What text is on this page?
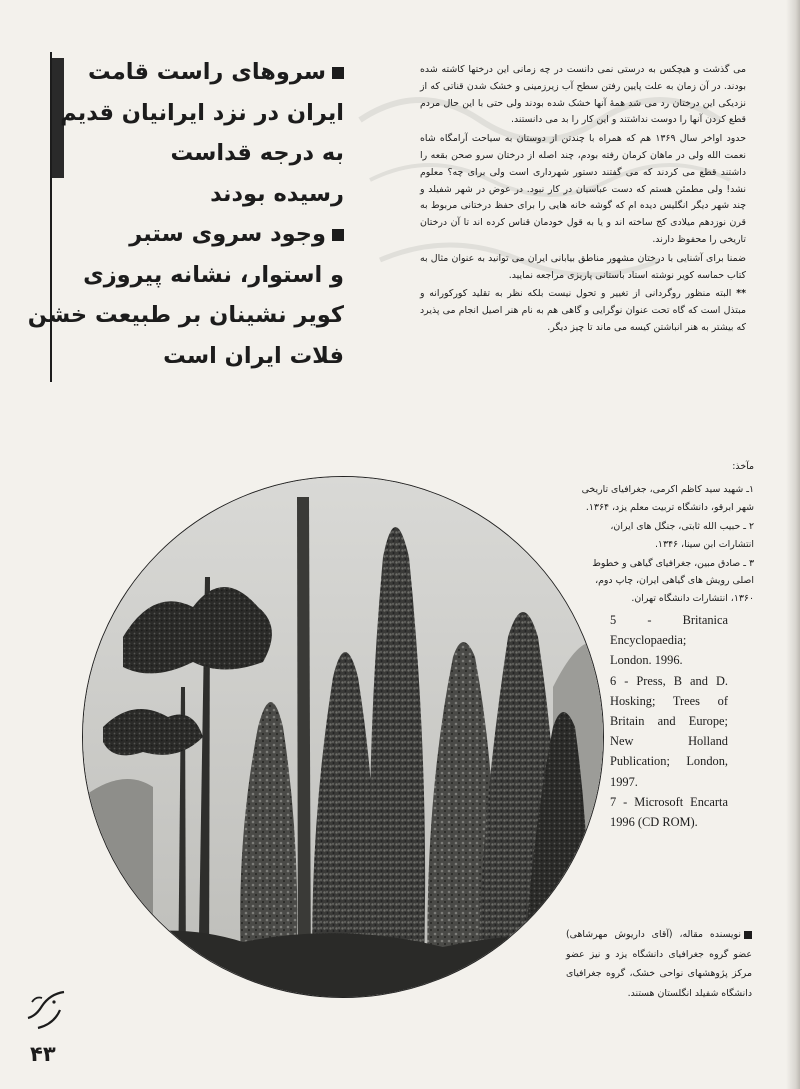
سروهای راست قامت
ایران در نزد ایرانیان قدیم
به درجه قداست
رسیده بودند
وجود سروی ستبر
و استوار، نشانه پیروزی
کویر نشینان بر طبیعت خشن
فلات ایران است

می گذشت و هیچکس به درستی نمی دانست در چه زمانی این درختها کاشته شده بودند. در آن زمان به علت پایین رفتن سطح آب زیرزمینی و خشک شدن قناتی که از نزدیکی این درختان رد می شد همهٔ آنها خشک شده بودند ولی حتی با این حال مردم قطع کردن آنها را دوست نداشتند و این کار را بد می دانستند.

حدود اواخر سال ۱۳۶۹ هم که همراه با چندتن از دوستان به سیاحت آرامگاه شاه نعمت الله ولی در ماهان کرمان رفته بودم، چند اصله از درختان سرو صحن بقعه را داشتند قطع می کردند که می گفتند دستور شهرداری است ولی برای چه؟ معلوم نشد! ولی مطمئن هستم که دست عباسیان در کار نبود. در عوض در شهر شفیلد و چند شهر دیگر انگلیس دیده ام که گوشه خانه هایی را برای حفظ درختانی مربوط به قرن نوزدهم میلادی کج ساخته اند و یا به قول خودمان قناس کرده اند تا آن درختان تاریخی را محفوظ دارند.

ضمنا برای آشنایی با درختان مشهور مناطق بیابانی ایران می توانید به عنوان مثال به کتاب حماسه کویر نوشته استاد باستانی پاریزی مراجعه نمایید.

** البته منظور روگردانی از تغییر و تحول نیست بلکه نظر به تقلید کورکورانه و مبتذل است که گاه تحت عنوان نوگرایی و گاهی هم به نام هنر اصیل انجام می پذیرد که بیشتر به هنر انباشتن کیسه می ماند تا چیز دیگر.

مآخذ:
۱ـ شهید سید کاظم اکرمی، جغرافیای تاریخی شهر ابرقو، دانشگاه تربیت معلم یزد، ۱۳۶۴.
۲ ـ حبیب الله ثابتی، جنگل های ایران، انتشارات ابن سینا، ۱۳۴۶.
۳ ـ صادق مبین، جغرافیای گیاهی و خطوط اصلی رویش های گیاهی ایران، چاپ دوم، ۱۳۶۰، انتشارات دانشگاه تهران.
5 - Britanica Encyclopaedia; London. 1996.
6 - Press, B and D. Hosking; Trees of Britain and Europe; New Holland Publication; London, 1997.
7 - Microsoft Encarta 1996 (CD ROM).
نویسنده مقاله، (آقای داریوش مهرشاهی) عضو گروه جغرافیای دانشگاه یزد و نیز عضو مرکز پژوهشهای نواحی خشک، گروه جغرافیای دانشگاه شفیلد انگلستان هستند.
۴۳
